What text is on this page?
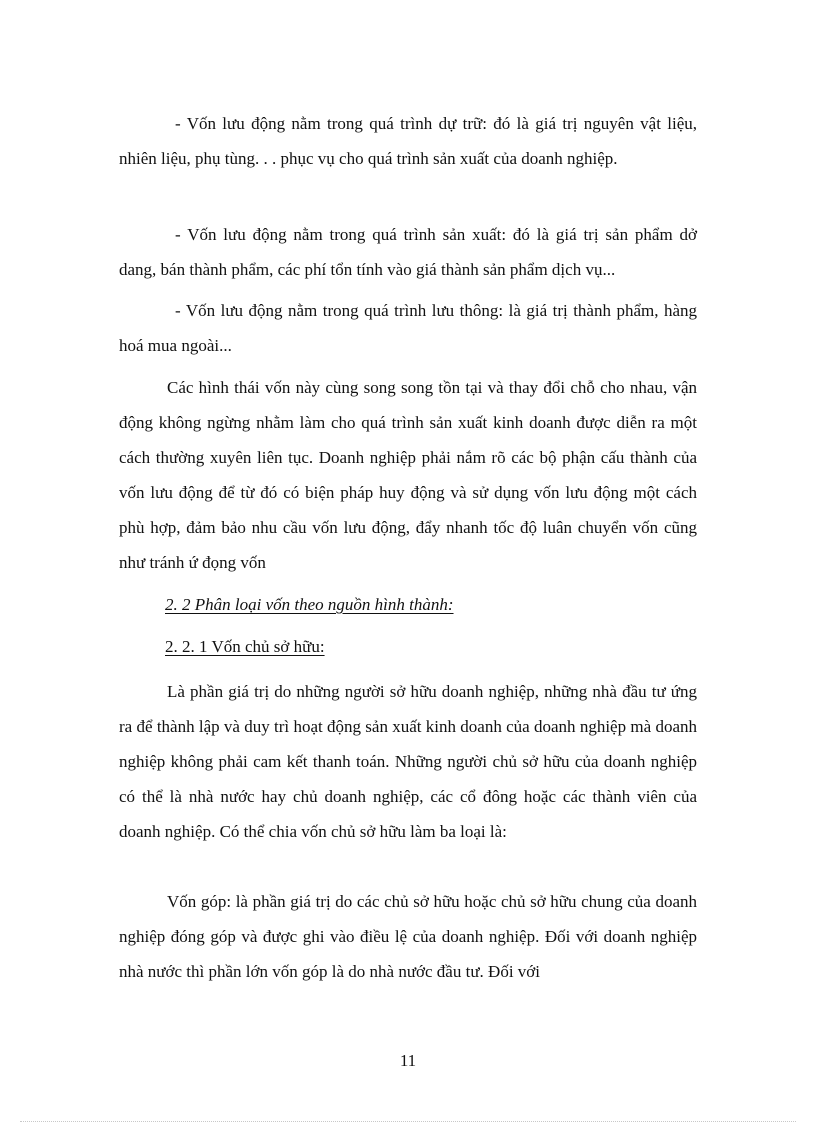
- Vốn lưu động nằm trong quá trình dự trữ: đó là giá trị nguyên vật liệu, nhiên liệu, phụ tùng. . . phục vụ cho quá trình sản xuất của doanh nghiệp.

- Vốn lưu động nằm trong quá trình sản xuất: đó là giá trị sản phẩm dở dang, bán thành phẩm, các phí tổn tính vào giá thành sản phẩm dịch vụ...

- Vốn lưu động nằm trong quá trình lưu thông: là giá trị thành phẩm, hàng hoá mua ngoài...

Các hình thái vốn này cùng song song tồn tại và thay đổi chỗ cho nhau, vận động không ngừng nhằm làm cho quá trình sản xuất kinh doanh được diễn ra một cách thường xuyên liên tục. Doanh nghiệp phải nắm rõ các bộ phận cấu thành của vốn lưu động để từ đó có biện pháp huy động và sử dụng vốn lưu động một cách phù hợp, đảm bảo nhu cầu vốn lưu động, đẩy nhanh tốc độ luân chuyển vốn cũng như tránh ứ đọng vốn

2. 2 Phân loại vốn theo nguồn hình thành:

2. 2. 1 Vốn chủ sở hữu:

Là phần giá trị do những người sở hữu doanh nghiệp, những nhà đầu tư ứng ra để thành lập và duy trì hoạt động sản xuất kinh doanh của doanh nghiệp mà doanh nghiệp không phải cam kết thanh toán. Những người chủ sở hữu của doanh nghiệp có thể là nhà nước hay chủ doanh nghiệp, các cổ đông hoặc các thành viên của doanh nghiệp. Có thể chia vốn chủ sở hữu làm ba loại là:

Vốn góp: là phần giá trị do các chủ sở hữu hoặc chủ sở hữu chung của doanh nghiệp đóng góp và được ghi vào điều lệ của doanh nghiệp. Đối với doanh nghiệp nhà nước thì phần lớn vốn góp là do nhà nước đầu tư. Đối với

11
